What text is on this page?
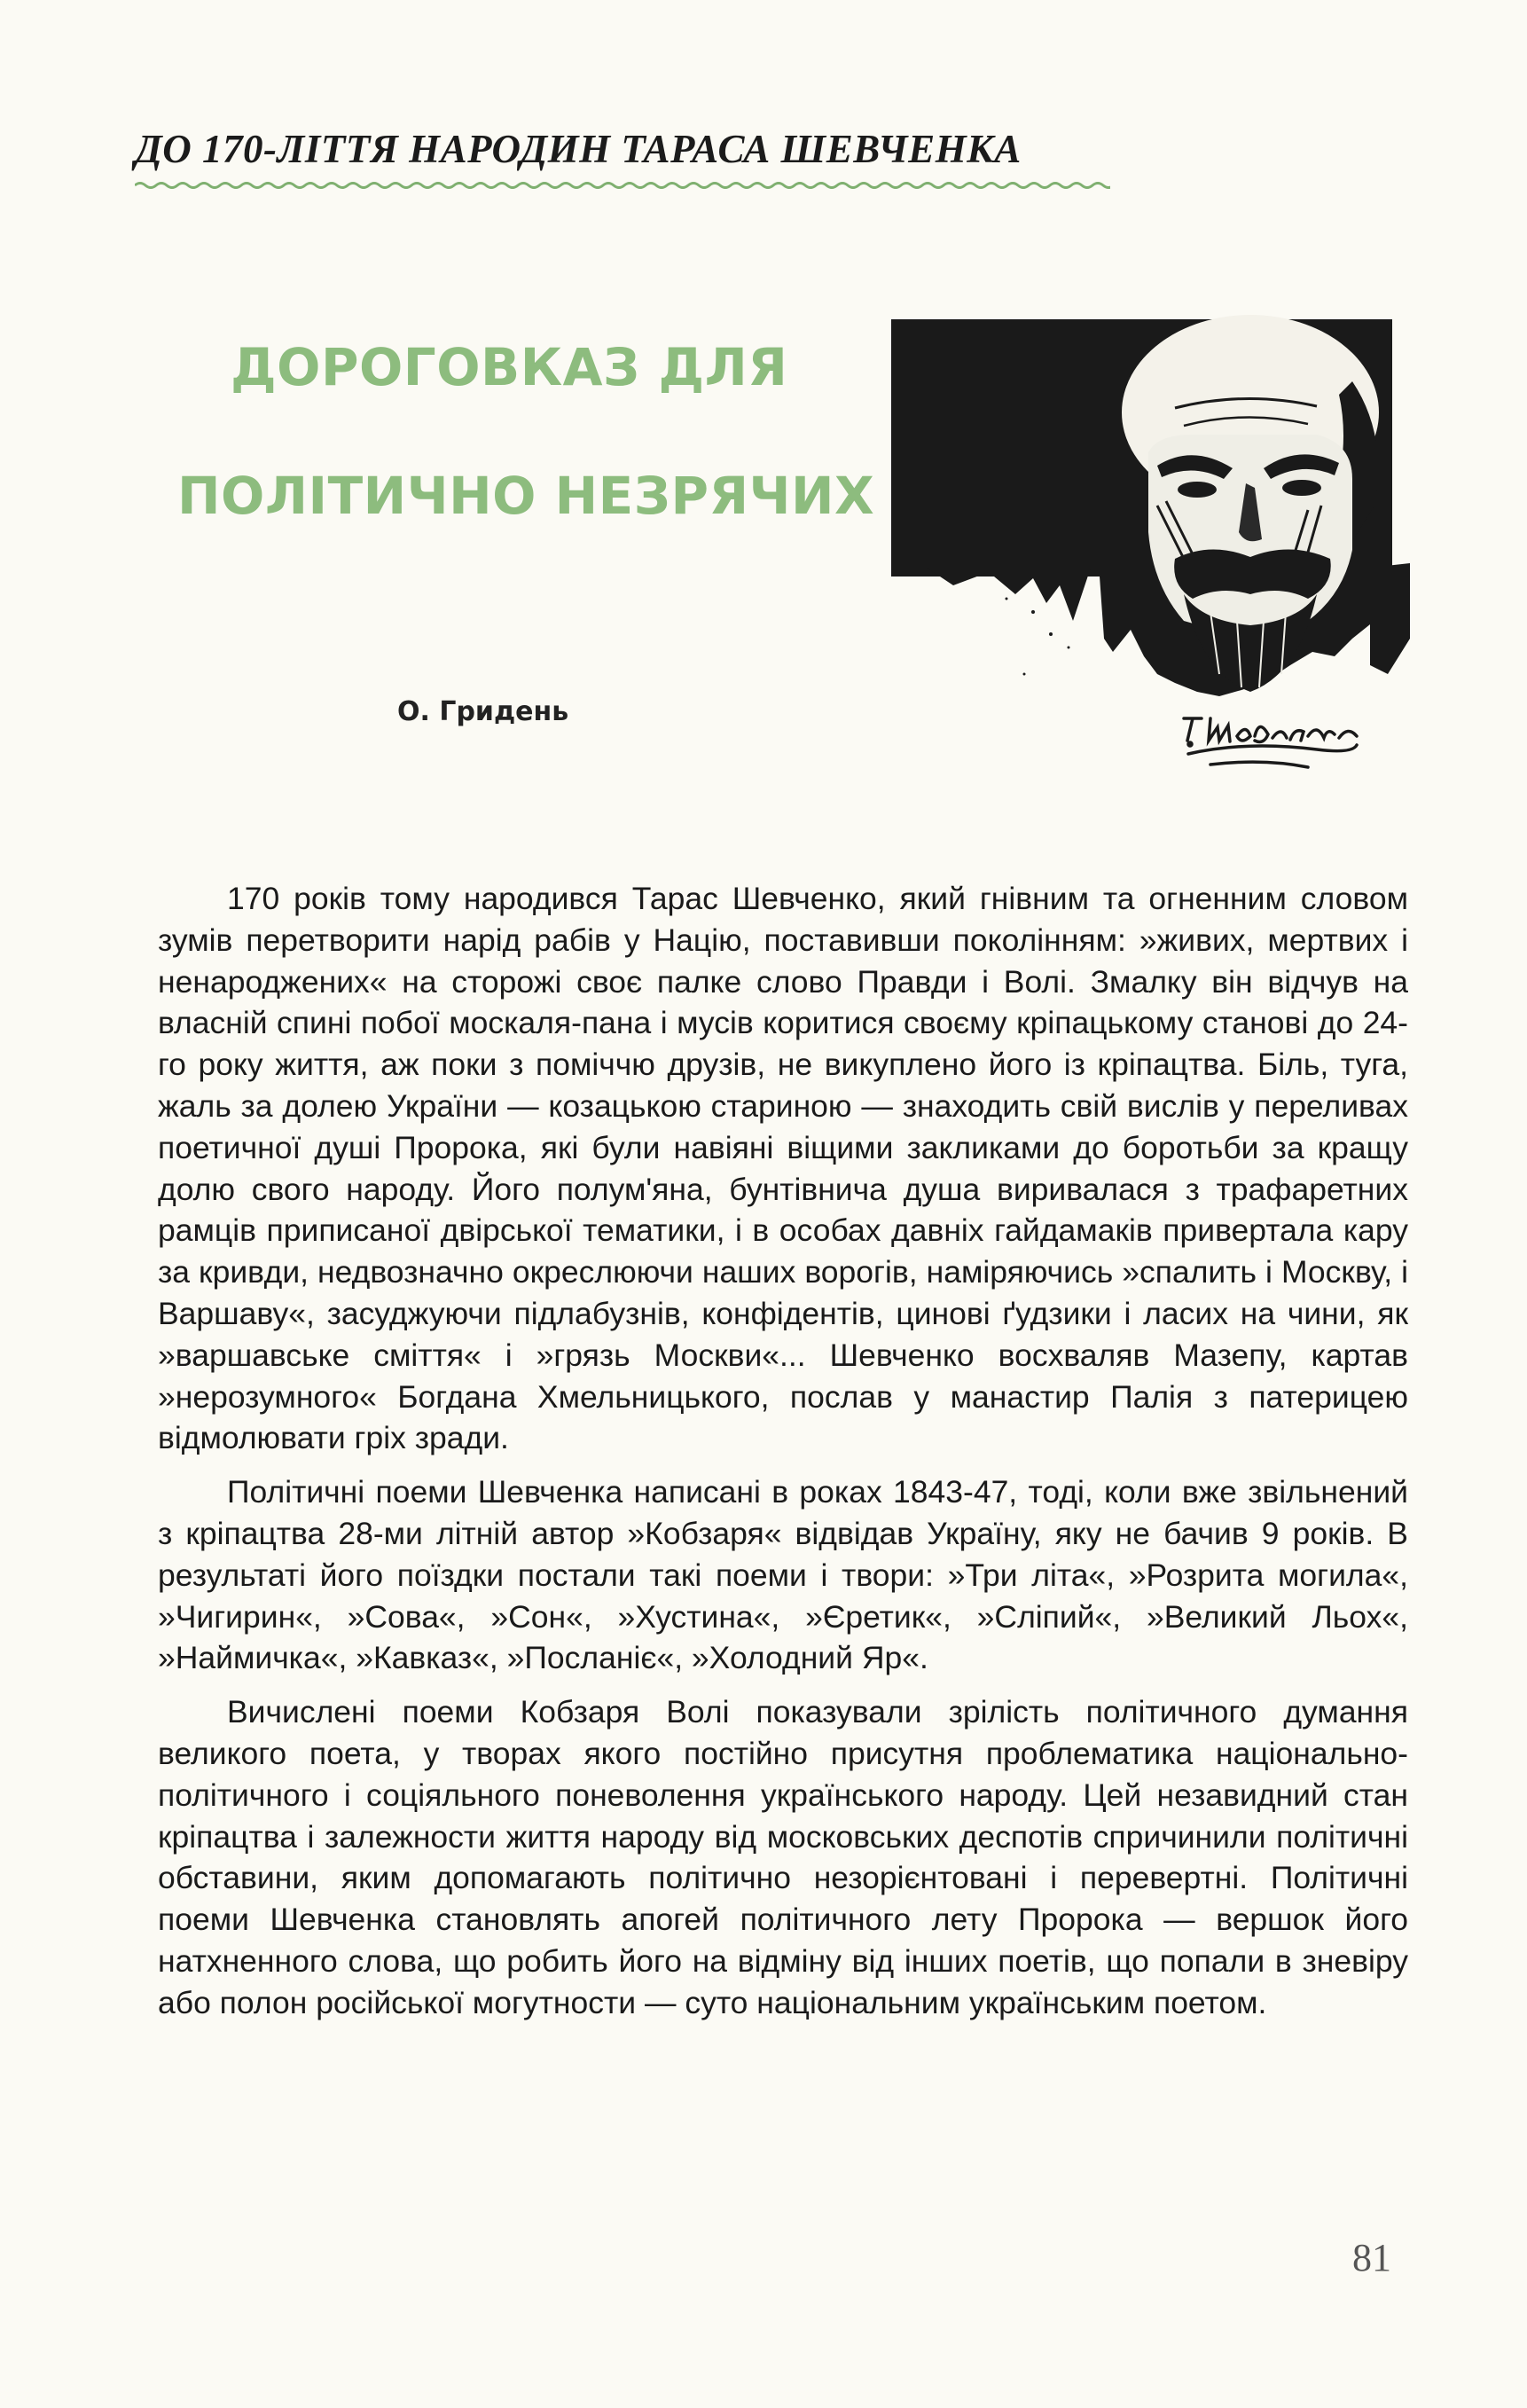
ДО 170-ЛІТТЯ НАРОДИН ТАРАСА ШЕВЧЕНКА
ДОРОГОВКАЗ ДЛЯ
ПОЛІТИЧНО НЕЗРЯЧИХ
О. Гридень

170 років тому народився Тарас Шевченко, який гнівним та огненним словом зумів перетворити нарід рабів у Націю, поставивши поколінням: »живих, мертвих і ненароджених« на сторожі своє палке слово Правди і Волі. Змалку він відчув на власній спині побої москаля-пана і мусів коритися своєму кріпацькому станові до 24-го року життя, аж поки з поміччю друзів, не викуплено його із кріпацтва. Біль, туга, жаль за долею України — козацькою стариною — знаходить свій вислів у переливах поетичної душі Пророка, які були навіяні віщими закликами до боротьби за кращу долю свого народу. Його полум'яна, бунтівнича душа виривалася з трафаретних рамців приписаної двірської тематики, і в особах давніх гайдамаків привертала кару за кривди, недвозначно окреслюючи наших ворогів, наміряючись »спалить і Москву, і Варшаву«, засуджуючи підлабузнів, конфідентів, цинові ґудзики і ласих на чини, як »варшавське сміття« і »грязь Москви«... Шевченко восхваляв Мазепу, картав »нерозумного« Богдана Хмельницького, послав у манастир Палія з патерицею відмолювати гріх зради.

Політичні поеми Шевченка написані в роках 1843-47, тоді, коли вже звільнений з кріпацтва 28-ми літній автор »Кобзаря« відвідав Україну, яку не бачив 9 років. В результаті його поїздки постали такі поеми і твори: »Три літа«, »Розрита могила«, »Чигирин«, »Сова«, »Сон«, »Хустина«, »Єретик«, »Сліпий«, »Великий Льох«, »Наймичка«, »Кавказ«, »Посланіє«, »Холодний Яр«.

Вичислені поеми Кобзаря Волі показували зрілість політичного думання великого поета, у творах якого постійно присутня проблематика національно-політичного і соціяльного поневолення українського народу. Цей незавидний стан кріпацтва і залежности життя народу від московських деспотів спричинили політичні обставини, яким допомагають політично незорієнтовані і перевертні. Політичні поеми Шевченка становлять апогей політичного лету Пророка — вершок його натхненного слова, що робить його на відміну від інших поетів, що попали в зневіру або полон російської могутности — суто національним українським поетом.

81
